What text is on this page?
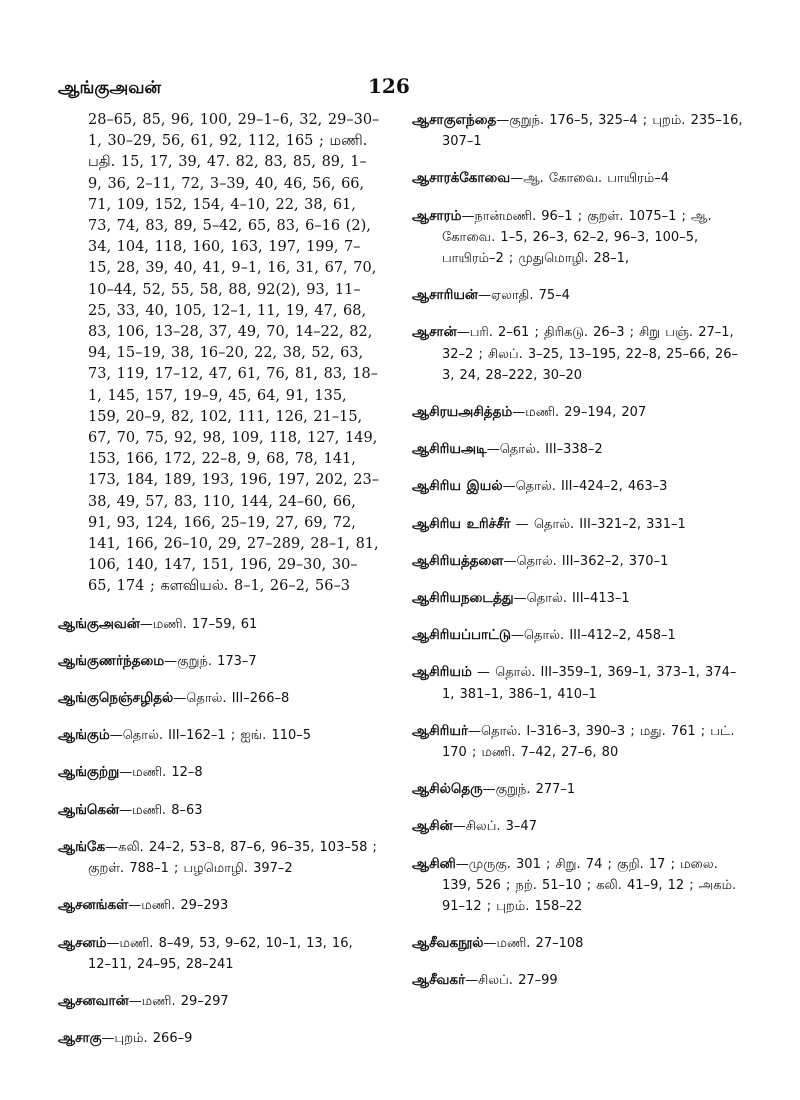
ஆங்குஅவன்	126

28–65, 85, 96, 100, 29–1–6, 32, 29–30–1, 30–29, 56, 61, 92, 112, 165 ; மணி. பதி. 15, 17, 39, 47. 82, 83, 85, 89, 1–9, 36, 2–11, 72, 3–39, 40, 46, 56, 66, 71, 109, 152, 154, 4–10, 22, 38, 61, 73, 74, 83, 89, 5–42, 65, 83, 6–16 (2), 34, 104, 118, 160, 163, 197, 199, 7–15, 28, 39, 40, 41, 9–1, 16, 31, 67, 70, 10–44, 52, 55, 58, 88, 92(2), 93, 11–25, 33, 40, 105, 12–1, 11, 19, 47, 68, 83, 106, 13–28, 37, 49, 70, 14–22, 82, 94, 15–19, 38, 16–20, 22, 38, 52, 63, 73, 119, 17–12, 47, 61, 76, 81, 83, 18–1, 145, 157, 19–9, 45, 64, 91, 135, 159, 20–9, 82, 102, 111, 126, 21–15, 67, 70, 75, 92, 98, 109, 118, 127, 149, 153, 166, 172, 22–8, 9, 68, 78, 141, 173, 184, 189, 193, 196, 197, 202, 23–38, 49, 57, 83, 110, 144, 24–60, 66, 91, 93, 124, 166, 25–19, 27, 69, 72, 141, 166, 26–10, 29, 27–289, 28–1, 81, 106, 140, 147, 151, 196, 29–30, 30–65, 174 ; களவியல். 8–1, 26–2, 56–3

ஆங்குஅவன்—மணி. 17–59, 61

ஆங்குணர்ந்தமை—குறுந். 173–7

ஆங்குநெஞ்சழிதல்—தொல். III–266–8

ஆங்கும்—தொல். III–162–1 ; ஐங். 110–5

ஆங்குற்று—மணி. 12–8

ஆங்கென்—மணி. 8–63

ஆங்கே—கலி. 24–2, 53–8, 87–6, 96–35, 103–58 ; குறள். 788–1 ; பழமொழி. 397–2

ஆசனங்கள்—மணி. 29–293

ஆசனம்—மணி. 8–49, 53, 9–62, 10–1, 13, 16, 12–11, 24–95, 28–241

ஆசனவான்—மணி. 29–297

ஆசாகு—புறம். 266–9

ஆசாகுஎந்தை—குறுந். 176–5, 325–4 ; புறம். 235–16, 307–1

ஆசாரக்கோவை—ஆ. கோவை. பாயிரம்–4

ஆசாரம்—நான்மணி. 96–1 ; குறள். 1075–1 ; ஆ. கோவை. 1–5, 26–3, 62–2, 96–3, 100–5, பாயிரம்–2 ; முதுமொழி. 28–1,

ஆசாரியன்—ஏலாதி. 75–4

ஆசான்—பரி. 2–61 ; திரிகடு. 26–3 ; சிறு பஞ். 27–1, 32–2 ; சிலப். 3–25, 13–195, 22–8, 25–66, 26–3, 24, 28–222, 30–20

ஆசிரயஅசித்தம்—மணி. 29–194, 207

ஆசிரியஅடி—தொல். III–338–2

ஆசிரிய இயல்—தொல். III–424–2, 463–3

ஆசிரிய உரிச்சீர் — தொல். III–321–2, 331–1

ஆசிரியத்தளை—தொல். III–362–2, 370–1

ஆசிரியநடைத்து—தொல். III–413–1

ஆசிரியப்பாட்டு—தொல். III–412–2, 458–1

ஆசிரியம் — தொல். III–359–1, 369–1, 373–1, 374–1, 381–1, 386–1, 410–1

ஆசிரியர்—தொல். I–316–3, 390–3 ; மது. 761 ; பட். 170 ; மணி. 7–42, 27–6, 80

ஆசில்தெரு—குறுந். 277–1

ஆசின்—சிலப். 3–47

ஆசினி—முருகு. 301 ; சிறு. 74 ; குறி. 17 ; மலை. 139, 526 ; நற். 51–10 ; கலி. 41–9, 12 ; அகம். 91–12 ; புறம். 158–22

ஆசீவகநூல்—மணி. 27–108

ஆசீவகர்—சிலப். 27–99
